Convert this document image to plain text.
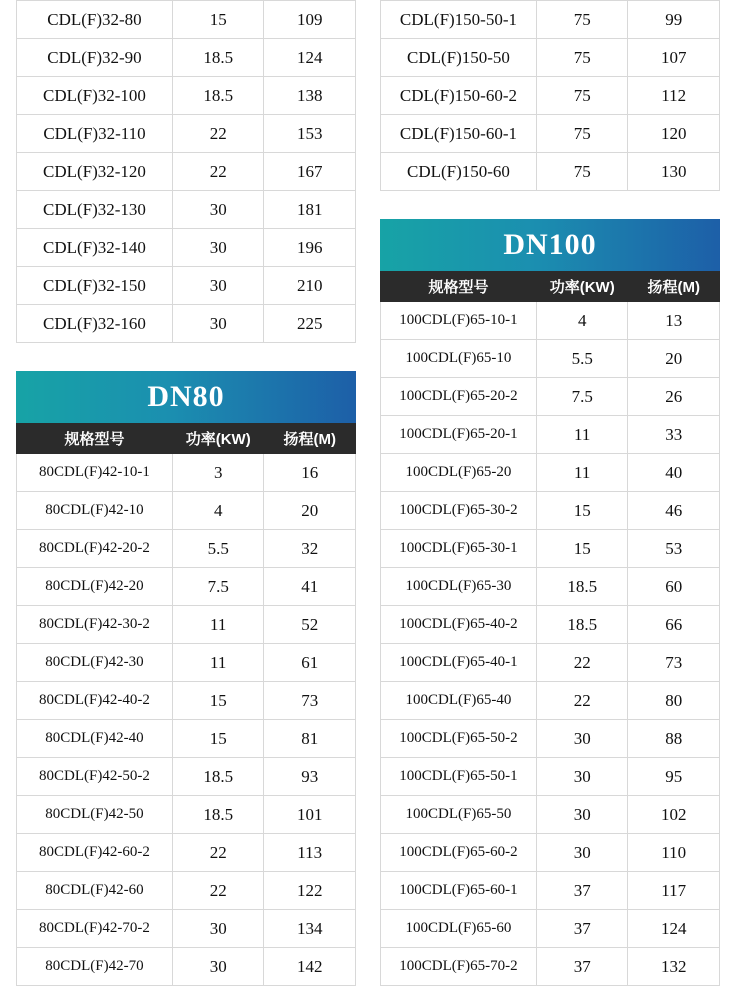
CDL(F)32-80	15	109
CDL(F)32-90	18.5	124
CDL(F)32-100	18.5	138
CDL(F)32-110	22	153
CDL(F)32-120	22	167
CDL(F)32-130	30	181
CDL(F)32-140	30	196
CDL(F)32-150	30	210
CDL(F)32-160	30	225
DN80
规格型号	功率(KW)	扬程(M)
80CDL(F)42-10-1	3	16
80CDL(F)42-10	4	20
80CDL(F)42-20-2	5.5	32
80CDL(F)42-20	7.5	41
80CDL(F)42-30-2	11	52
80CDL(F)42-30	11	61
80CDL(F)42-40-2	15	73
80CDL(F)42-40	15	81
80CDL(F)42-50-2	18.5	93
80CDL(F)42-50	18.5	101
80CDL(F)42-60-2	22	113
80CDL(F)42-60	22	122
80CDL(F)42-70-2	30	134
80CDL(F)42-70	30	142
CDL(F)150-50-1	75	99
CDL(F)150-50	75	107
CDL(F)150-60-2	75	112
CDL(F)150-60-1	75	120
CDL(F)150-60	75	130
DN100
规格型号	功率(KW)	扬程(M)
100CDL(F)65-10-1	4	13
100CDL(F)65-10	5.5	20
100CDL(F)65-20-2	7.5	26
100CDL(F)65-20-1	11	33
100CDL(F)65-20	11	40
100CDL(F)65-30-2	15	46
100CDL(F)65-30-1	15	53
100CDL(F)65-30	18.5	60
100CDL(F)65-40-2	18.5	66
100CDL(F)65-40-1	22	73
100CDL(F)65-40	22	80
100CDL(F)65-50-2	30	88
100CDL(F)65-50-1	30	95
100CDL(F)65-50	30	102
100CDL(F)65-60-2	30	110
100CDL(F)65-60-1	37	117
100CDL(F)65-60	37	124
100CDL(F)65-70-2	37	132
